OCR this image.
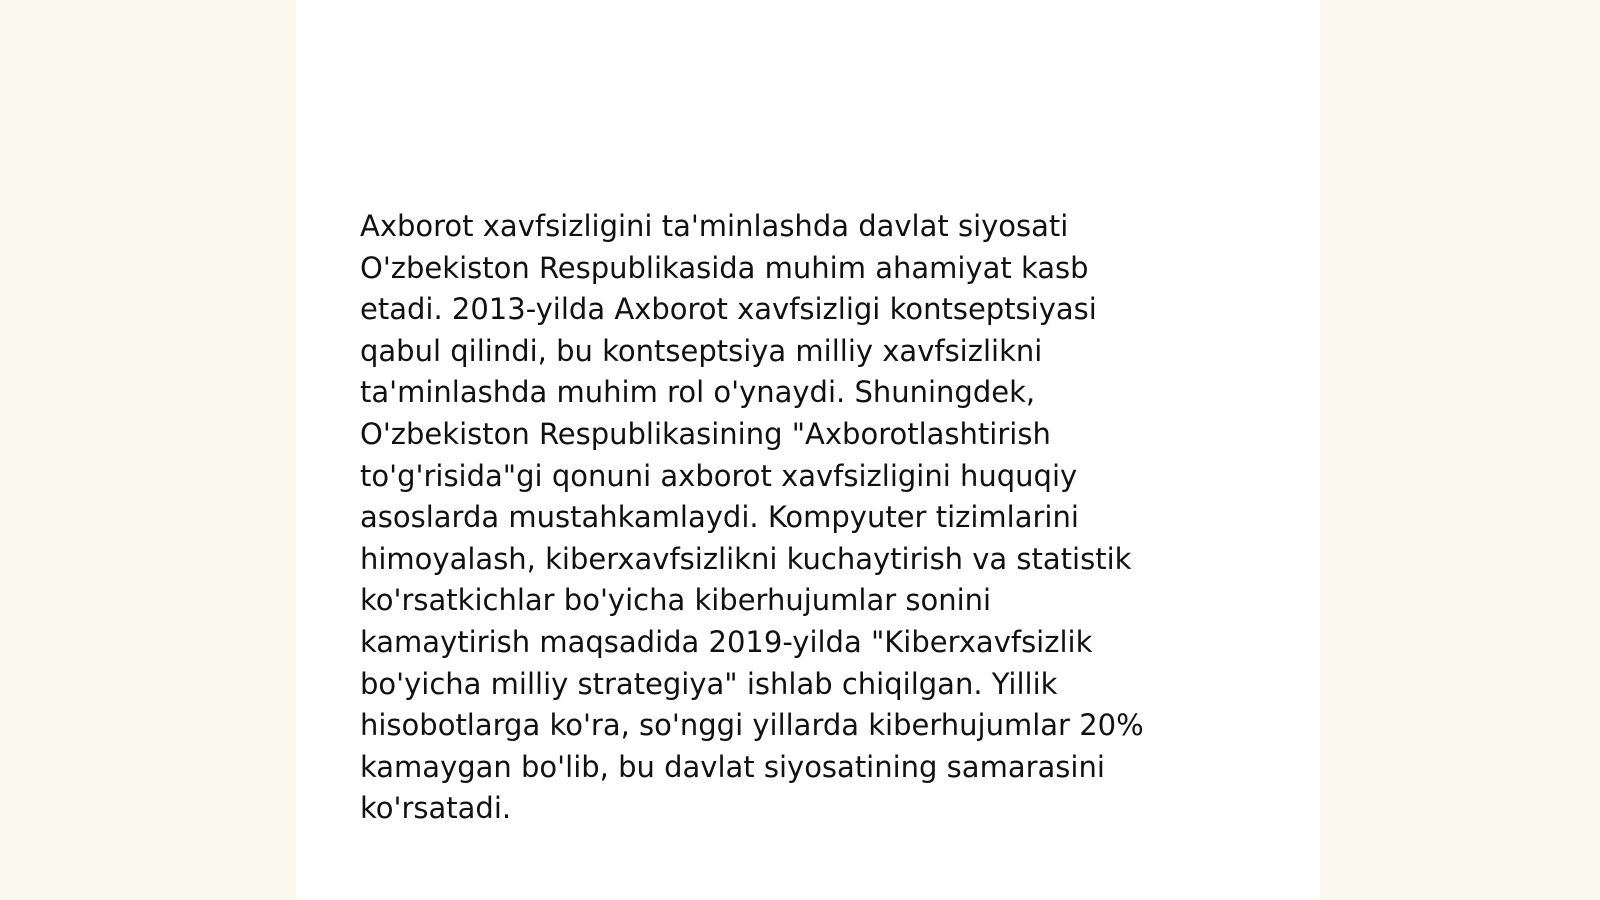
Axborot xavfsizligini ta'minlashda davlat siyosati
O'zbekiston Respublikasida muhim ahamiyat kasb
etadi. 2013-yilda Axborot xavfsizligi kontseptsiyasi
qabul qilindi, bu kontseptsiya milliy xavfsizlikni
ta'minlashda muhim rol o'ynaydi. Shuningdek,
O'zbekiston Respublikasining "Axborotlashtirish
to'g'risida"gi qonuni axborot xavfsizligini huquqiy
asoslarda mustahkamlaydi. Kompyuter tizimlarini
himoyalash, kiberxavfsizlikni kuchaytirish va statistik
ko'rsatkichlar bo'yicha kiberhujumlar sonini
kamaytirish maqsadida 2019-yilda "Kiberxavfsizlik
bo'yicha milliy strategiya" ishlab chiqilgan. Yillik
hisobotlarga ko'ra, so'nggi yillarda kiberhujumlar 20%
kamaygan bo'lib, bu davlat siyosatining samarasini
ko'rsatadi.
